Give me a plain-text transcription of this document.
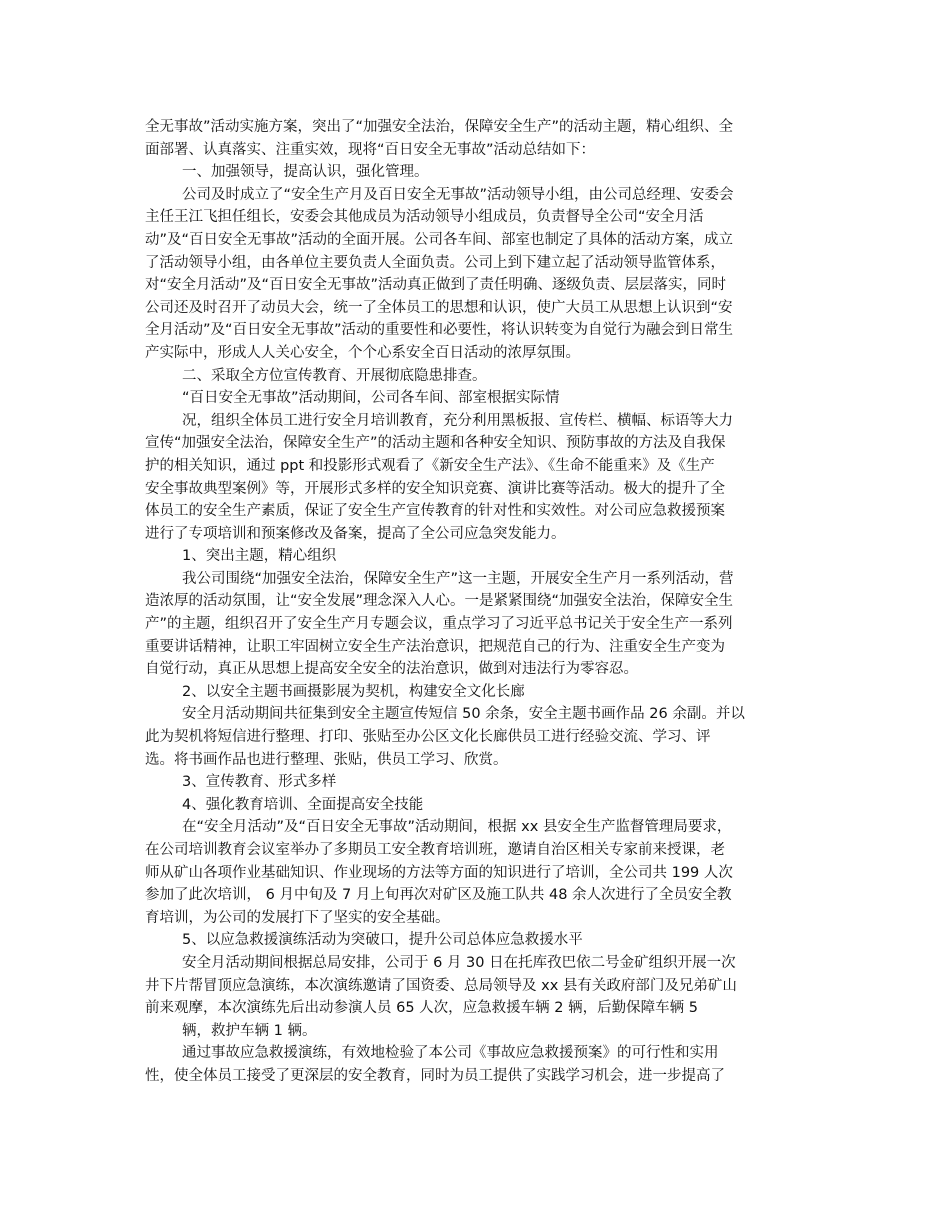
全无事故”活动实施方案，突出了“加强安全法治，保障安全生产”的活动主题，精心组织、全
面部署、认真落实、注重实效，现将“百日安全无事故”活动总结如下：
一、加强领导，提高认识，强化管理。
公司及时成立了“安全生产月及百日安全无事故”活动领导小组，由公司总经理、安委会
主任王江飞担任组长，安委会其他成员为活动领导小组成员，负责督导全公司“安全月活
动”及“百日安全无事故”活动的全面开展。公司各车间、部室也制定了具体的活动方案，成立
了活动领导小组，由各单位主要负责人全面负责。公司上到下建立起了活动领导监管体系，
对“安全月活动”及“百日安全无事故”活动真正做到了责任明确、逐级负责、层层落实，同时
公司还及时召开了动员大会，统一了全体员工的思想和认识，使广大员工从思想上认识到“安
全月活动”及“百日安全无事故”活动的重要性和必要性，将认识转变为自觉行为融会到日常生
产实际中，形成人人关心安全，个个心系安全百日活动的浓厚氛围。
二、采取全方位宣传教育、开展彻底隐患排查。
“百日安全无事故”活动期间，公司各车间、部室根据实际情
况，组织全体员工进行安全月培训教育，充分利用黑板报、宣传栏、横幅、标语等大力
宣传“加强安全法治，保障安全生产”的活动主题和各种安全知识、预防事故的方法及自我保
护的相关知识，通过 ppt 和投影形式观看了《新安全生产法》、《生命不能重来》及《生产
安全事故典型案例》等，开展形式多样的安全知识竞赛、演讲比赛等活动。极大的提升了全
体员工的安全生产素质，保证了安全生产宣传教育的针对性和实效性。对公司应急救援预案
进行了专项培训和预案修改及备案，提高了全公司应急突发能力。
1、突出主题，精心组织
我公司围绕“加强安全法治，保障安全生产”这一主题，开展安全生产月一系列活动，营
造浓厚的活动氛围，让“安全发展”理念深入人心。一是紧紧围绕“加强安全法治，保障安全生
产”的主题，组织召开了安全生产月专题会议，重点学习了习近平总书记关于安全生产一系列
重要讲话精神，让职工牢固树立安全生产法治意识，把规范自己的行为、注重安全生产变为
自觉行动，真正从思想上提高安全安全的法治意识，做到对违法行为零容忍。
2、以安全主题书画摄影展为契机，构建安全文化长廊
安全月活动期间共征集到安全主题宣传短信 50 余条，安全主题书画作品 26 余副。并以
此为契机将短信进行整理、打印、张贴至办公区文化长廊供员工进行经验交流、学习、评
选。将书画作品也进行整理、张贴，供员工学习、欣赏。
3、宣传教育、形式多样
4、强化教育培训、全面提高安全技能
在“安全月活动”及“百日安全无事故”活动期间，根据 xx 县安全生产监督管理局要求，
在公司培训教育会议室举办了多期员工安全教育培训班，邀请自治区相关专家前来授课，老
师从矿山各项作业基础知识、作业现场的方法等方面的知识进行了培训，全公司共 199 人次
参加了此次培训， 6 月中旬及 7 月上旬再次对矿区及施工队共 48 余人次进行了全员安全教
育培训，为公司的发展打下了坚实的安全基础。
5、以应急救援演练活动为突破口，提升公司总体应急救援水平
安全月活动期间根据总局安排，公司于 6 月 30 日在托库孜巴依二号金矿组织开展一次
井下片帮冒顶应急演练，本次演练邀请了国资委、总局领导及 xx 县有关政府部门及兄弟矿山
前来观摩，本次演练先后出动参演人员 65 人次，应急救援车辆 2 辆，后勤保障车辆 5
辆，救护车辆 1 辆。
通过事故应急救援演练，有效地检验了本公司《事故应急救援预案》的可行性和实用
性，使全体员工接受了更深层的安全教育，同时为员工提供了实践学习机会，进一步提高了
